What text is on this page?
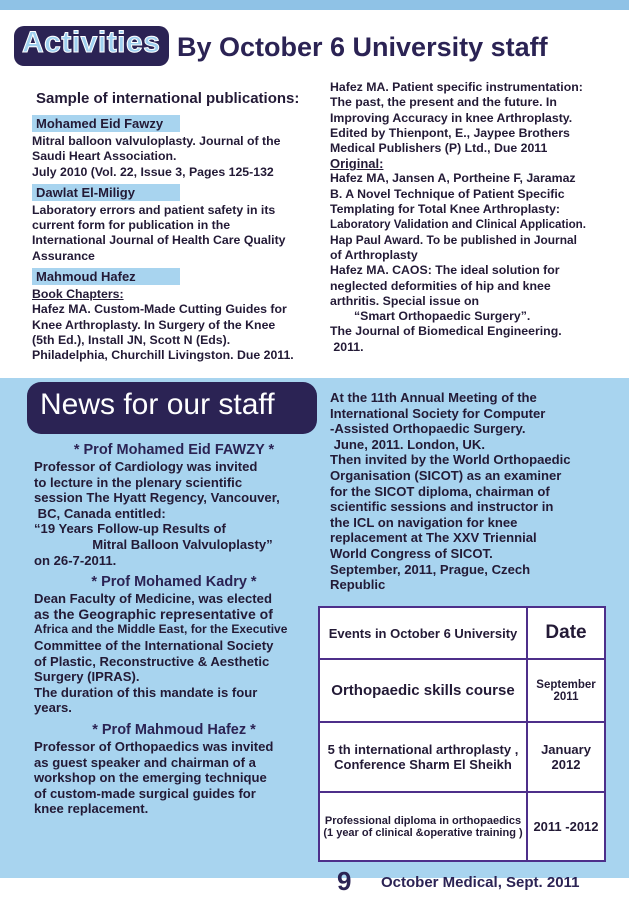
Activities By October 6 University staff
Sample of international publications:
Mohamed Eid Fawzy

Mitral balloon valvuloplasty. Journal of the

Saudi Heart Association.

July 2010 (Vol. 22, Issue 3, Pages 125-132

Dawlat El-Miligy

Laboratory errors and patient safety in its

current form for publication in the

International Journal of Health Care Quality

Assurance

Mahmoud Hafez

Book Chapters:

Hafez MA. Custom-Made Cutting Guides for

Knee Arthroplasty. In Surgery of the Knee

(5th Ed.), Install JN, Scott N (Eds).

Philadelphia, Churchill Livingston. Due 2011.

Hafez MA. Patient specific instrumentation:

The past, the present and the future. In

Improving Accuracy in knee Arthroplasty.

Edited by Thienpont, E., Jaypee Brothers

Medical Publishers (P) Ltd., Due 2011

Original:

Hafez MA, Jansen A, Portheine F, Jaramaz

B. A Novel Technique of Patient Specific

Templating for Total Knee Arthroplasty:

Laboratory Validation and Clinical Application.

Hap Paul Award. To be published in Journal

of Arthroplasty

Hafez MA. CAOS: The ideal solution for

neglected deformities of hip and knee

arthritis. Special issue on

“Smart Orthopaedic Surgery”.

The Journal of Biomedical Engineering.

2011.

News for our staff
* Prof Mohamed Eid FAWZY *

Professor of Cardiology was invited

to lecture in the plenary scientific

session The Hyatt Regency, Vancouver,

BC, Canada entitled:

“19 Years Follow-up Results of

Mitral Balloon Valvuloplasty”

on 26-7-2011.

* Prof Mohamed Kadry *

Dean Faculty of Medicine, was elected

as the Geographic representative of

Africa and the Middle East, for the Executive

Committee of the International Society

of Plastic, Reconstructive & Aesthetic

Surgery (IPRAS).

The duration of this mandate is four

years.

* Prof Mahmoud Hafez *

Professor of Orthopaedics was invited

as guest speaker and chairman of a

workshop on the emerging technique

of custom-made surgical guides for

knee replacement.

At the 11th Annual Meeting of the

International Society for Computer

-Assisted Orthopaedic Surgery.

June, 2011. London, UK.

Then invited by the World Orthopaedic

Organisation (SICOT) as an examiner

for the SICOT diploma, chairman of

scientific sessions and instructor in

the ICL on navigation for knee

replacement at The XXV Triennial

World Congress of SICOT.

September, 2011, Prague, Czech

Republic

Events in October 6 University	Date
Orthopaedic skills course	September 2011
5 th international arthroplasty ,
Conference Sharm El Sheikh	January 2012
Professional diploma in orthopaedics
(1 year of clinical &operative training )	2011 -2012
9 October Medical, Sept. 2011
